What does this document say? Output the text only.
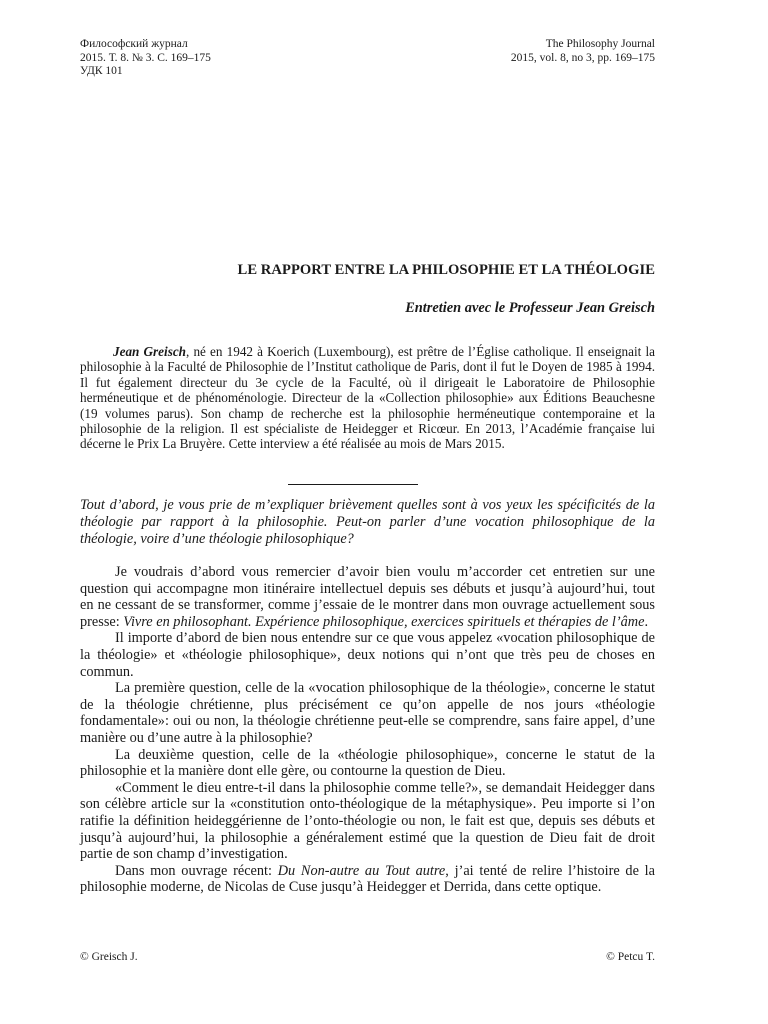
Философский журнал
2015. Т. 8. № 3. С. 169–175
УДК 101
The Philosophy Journal
2015, vol. 8, no 3, pp. 169–175
LE RAPPORT ENTRE LA PHILOSOPHIE ET LA THÉOLOGIE
Entretien avec le Professeur Jean Greisch

Jean Greisch, né en 1942 à Koerich (Luxembourg), est prêtre de l’Église catholique. Il enseignait la philosophie à la Faculté de Philosophie de l’Institut catholique de Paris, dont il fut le Doyen de 1985 à 1994. Il fut également directeur du 3e cycle de la Faculté, où il dirigeait le Laboratoire de Philosophie herméneutique et de phénoménologie. Directeur de la «Collection philosophie» aux Éditions Beauchesne (19 volumes parus). Son champ de recherche est la philosophie herméneutique contemporaine et la philosophie de la religion. Il est spécialiste de Heidegger et Ricœur. En 2013, l’Académie française lui décerne le Prix La Bruyère. Cette interview a été réalisée au mois de Mars 2015.

Tout d’abord, je vous prie de m’expliquer brièvement quelles sont à vos yeux les spécificités de la théologie par rapport à la philosophie. Peut-on parler d’une vocation philosophique de la théologie, voire d’une théologie philosophique?

Je voudrais d’abord vous remercier d’avoir bien voulu m’accorder cet entretien sur une question qui accompagne mon itinéraire intellectuel depuis ses débuts et jusqu’à aujourd’hui, tout en ne cessant de se transformer, comme j’essaie de le montrer dans mon ouvrage actuellement sous presse: Vivre en philosophant. Expérience philosophique, exercices spirituels et thérapies de l’âme.

Il importe d’abord de bien nous entendre sur ce que vous appelez «vocation philosophique de la théologie» et «théologie philosophique», deux notions qui n’ont que très peu de choses en commun.

La première question, celle de la «vocation philosophique de la théologie», concerne le statut de la théologie chrétienne, plus précisément ce qu’on appelle de nos jours «théologie fondamentale»: oui ou non, la théologie chrétienne peut-elle se comprendre, sans faire appel, d’une manière ou d’une autre à la philosophie?

La deuxième question, celle de la «théologie philosophique», concerne le statut de la philosophie et la manière dont elle gère, ou contourne la question de Dieu.

«Comment le dieu entre-t-il dans la philosophie comme telle?», se demandait Heidegger dans son célèbre article sur la «constitution onto-théologique de la métaphysique». Peu importe si l’on ratifie la définition heideggérienne de l’onto-théologie ou non, le fait est que, depuis ses débuts et jusqu’à aujourd’hui, la philosophie a généralement estimé que la question de Dieu fait de droit partie de son champ d’investigation.

Dans mon ouvrage récent: Du Non-autre au Tout autre, j’ai tenté de relire l’histoire de la philosophie moderne, de Nicolas de Cuse jusqu’à Heidegger et Derrida, dans cette optique.

© Greisch J.	© Petcu T.
